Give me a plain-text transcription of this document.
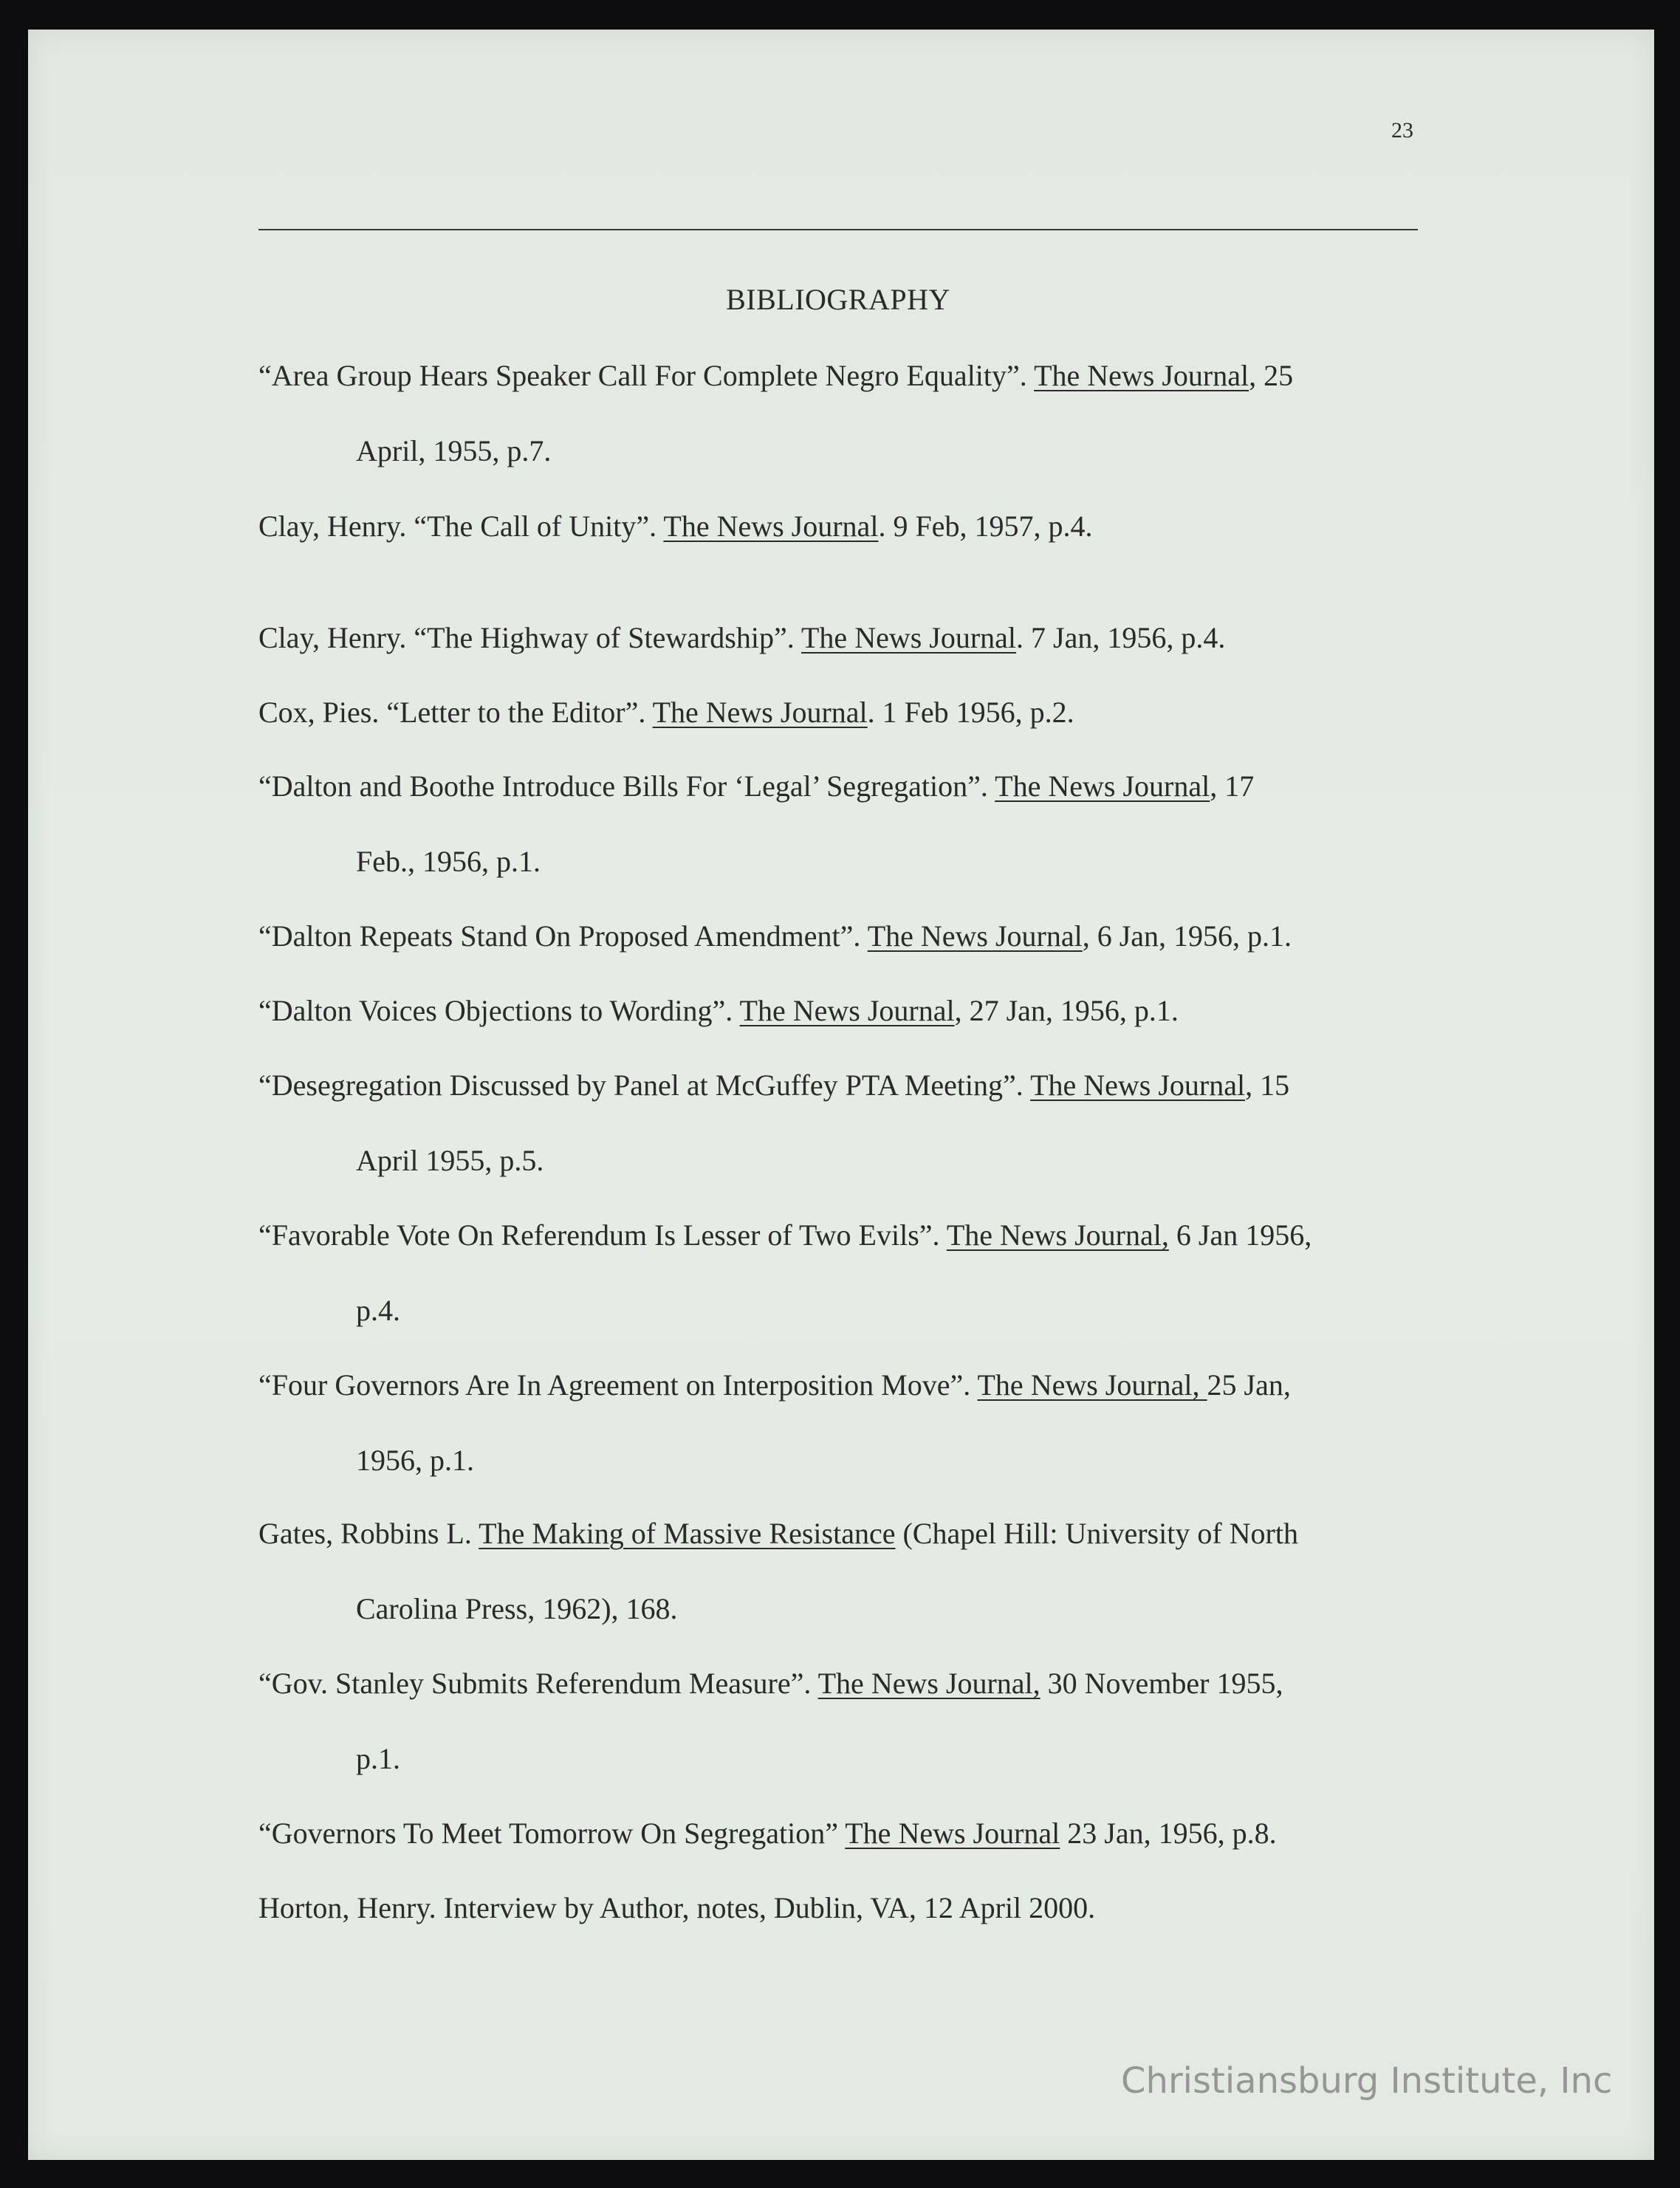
23
BIBLIOGRAPHY
“Area Group Hears Speaker Call For Complete Negro Equality”. The News Journal, 25
April, 1955, p.7.
Clay, Henry. “The Call of Unity”. The News Journal. 9 Feb, 1957, p.4.
Clay, Henry. “The Highway of Stewardship”. The News Journal. 7 Jan, 1956, p.4.
Cox, Pies. “Letter to the Editor”. The News Journal. 1 Feb 1956, p.2.
“Dalton and Boothe Introduce Bills For ‘Legal’ Segregation”. The News Journal, 17
Feb., 1956, p.1.
“Dalton Repeats Stand On Proposed Amendment”. The News Journal, 6 Jan, 1956, p.1.
“Dalton Voices Objections to Wording”. The News Journal, 27 Jan, 1956, p.1.
“Desegregation Discussed by Panel at McGuffey PTA Meeting”. The News Journal, 15
April 1955, p.5.
“Favorable Vote On Referendum Is Lesser of Two Evils”. The News Journal, 6 Jan 1956,
p.4.
“Four Governors Are In Agreement on Interposition Move”. The News Journal, 25 Jan,
1956, p.1.
Gates, Robbins L. The Making of Massive Resistance (Chapel Hill: University of North
Carolina Press, 1962), 168.
“Gov. Stanley Submits Referendum Measure”. The News Journal, 30 November 1955,
p.1.
“Governors To Meet Tomorrow On Segregation” The News Journal 23 Jan, 1956, p.8.
Horton, Henry. Interview by Author, notes, Dublin, VA, 12 April 2000.
Christiansburg Institute, Inc
